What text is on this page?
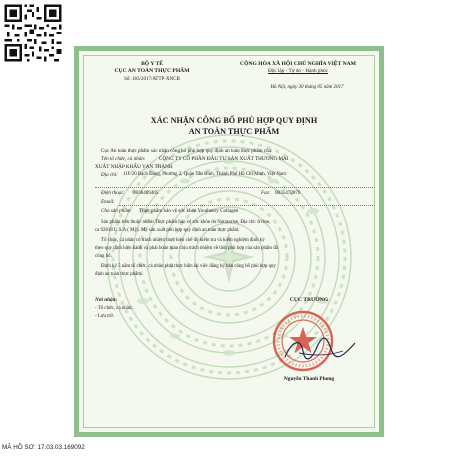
BỘ Y TẾ
CỤC AN TOÀN THỰC PHẨM
Số: 183/2017/ATTP-XNCB
CỘNG HÒA XÃ HỘI CHỦ NGHĨA VIỆT NAM
Độc lập - Tự do - Hạnh phúc
Hà Nội, ngày 30 tháng 05 năm 2017
XÁC NHẬN CÔNG BỐ PHÙ HỢP QUY ĐỊNH
AN TOÀN THỰC PHẨM
Cục An toàn thực phẩm xác nhận công bố phù hợp quy định an toàn thực phẩm của:
Tên tổ chức, cá nhân:	CÔNG TY CỔ PHẦN ĐẦU TƯ SẢN XUẤT THƯƠNG MẠI
XUẤT NHẬP KHẨU VẠN THÀNH
Địa chỉ: 11F/20 Bạch Đằng, Phường 2, Quận Tân Bình, Thành Phố Hồ Chí Minh, Việt Nam
Điện thoại: 0838489405	Fax: 0835472876
Email:
Cho sản phẩm: Thực phẩm bảo vệ sức khỏe Youthenry Collagen
Sản phẩm trên thuộc nhóm Thực phẩm bảo vệ sức khỏe do Nutraorise, Địa chỉ: Irvine,
ca 92618 U.S.A ( Mỹ). Mỹ sản xuất phù hợp quy định an toàn thực phẩm.
Tổ chức, cá nhân có trách nhiệm thực hiện chế độ kiểm tra và kiểm nghiệm định kỳ
theo quy định hiện hành và phải hoàn toàn chịu trách nhiệm về tính phù hợp của sản phẩm đã
công bố.
Định kỳ 5 năm tổ chức, cá nhân phải thực hiện lại việc đăng ký bản công bố phù hợp quy
định an toàn thực phẩm.
Nơi nhận:
- Tổ chức, cá nhân;
- Lưu trữ.
CỤC TRƯỞNG
Nguyễn Thanh Phong
MÃ HỒ SƠ: 17.03.03.169092
